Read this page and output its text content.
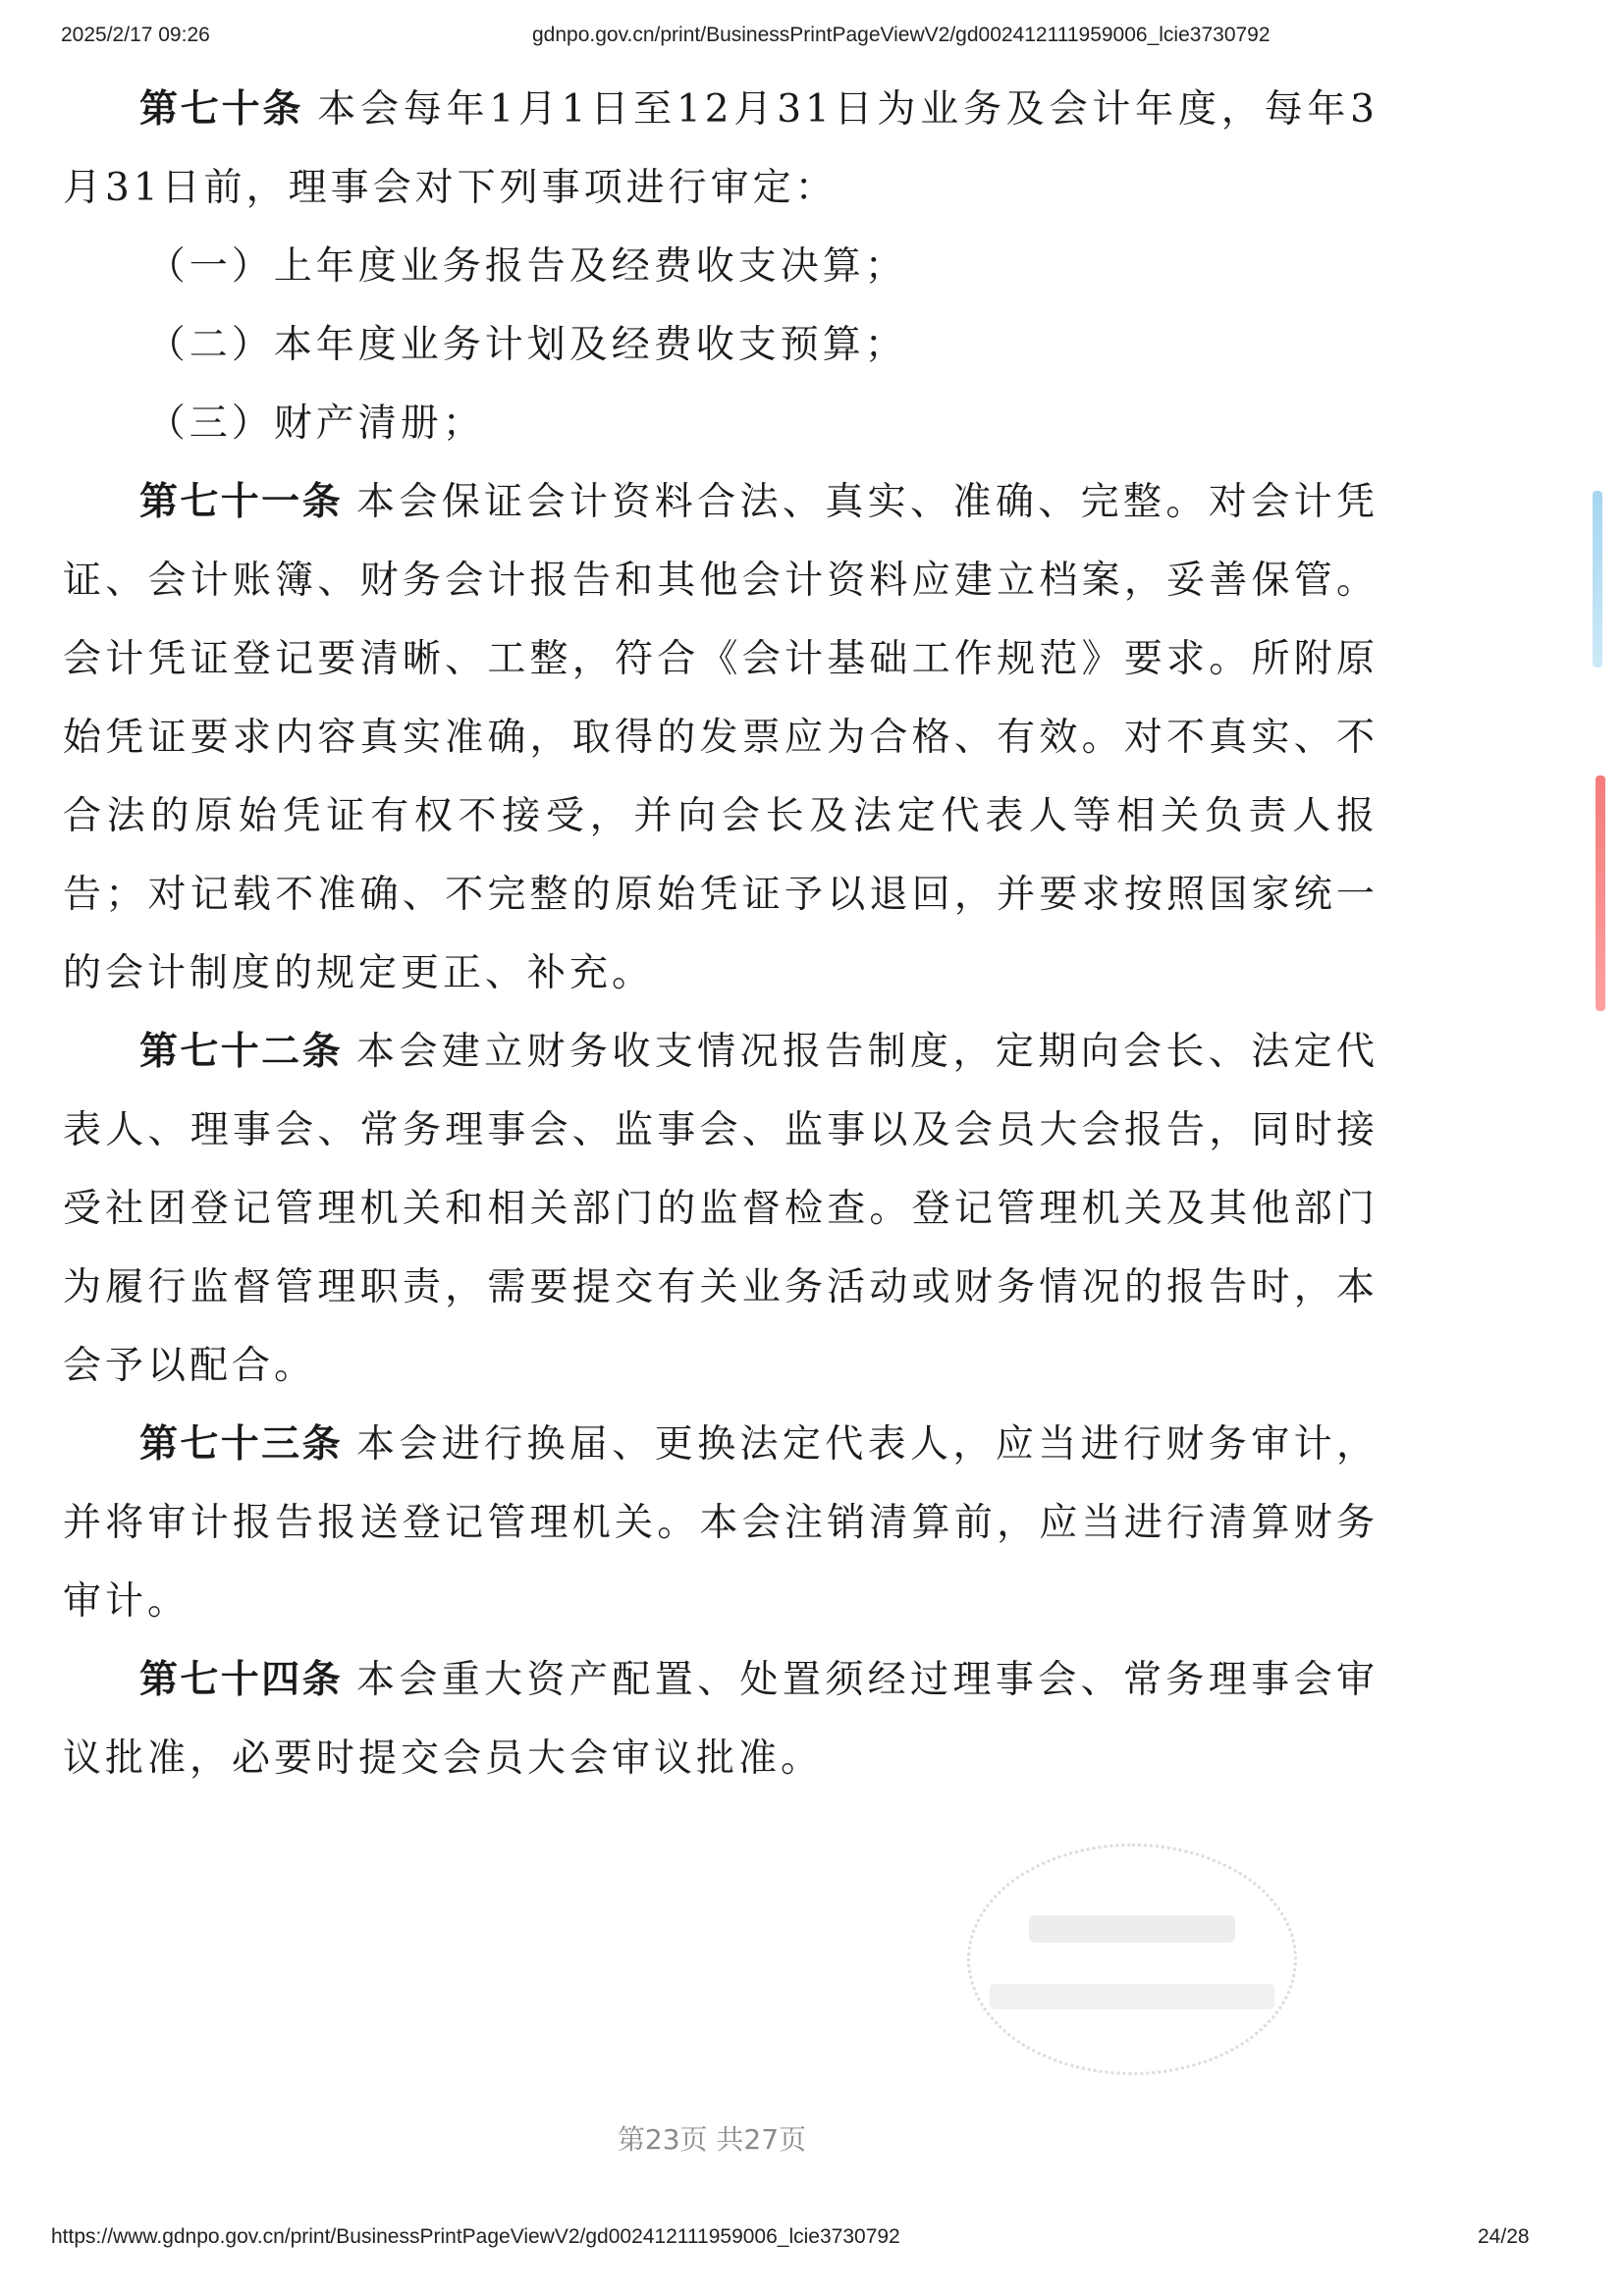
2025/2/17 09:26	gdnpo.gov.cn/print/BusinessPrintPageViewV2/gd002412111959006_lcie3730792

第七十条 本会每年1月1日至12月31日为业务及会计年度，每年3月31日前，理事会对下列事项进行审定：

（一）上年度业务报告及经费收支决算；

（二）本年度业务计划及经费收支预算；

（三）财产清册；

第七十一条 本会保证会计资料合法、真实、准确、完整。对会计凭证、会计账簿、财务会计报告和其他会计资料应建立档案，妥善保管。会计凭证登记要清晰、工整，符合《会计基础工作规范》要求。所附原始凭证要求内容真实准确，取得的发票应为合格、有效。对不真实、不合法的原始凭证有权不接受，并向会长及法定代表人等相关负责人报告；对记载不准确、不完整的原始凭证予以退回，并要求按照国家统一的会计制度的规定更正、补充。

第七十二条 本会建立财务收支情况报告制度，定期向会长、法定代表人、理事会、常务理事会、监事会、监事以及会员大会报告，同时接受社团登记管理机关和相关部门的监督检查。登记管理机关及其他部门为履行监督管理职责，需要提交有关业务活动或财务情况的报告时，本会予以配合。

第七十三条 本会进行换届、更换法定代表人，应当进行财务审计，并将审计报告报送登记管理机关。本会注销清算前，应当进行清算财务审计。

第七十四条 本会重大资产配置、处置须经过理事会、常务理事会审议批准，必要时提交会员大会审议批准。

第23页 共27页
https://www.gdnpo.gov.cn/print/BusinessPrintPageViewV2/gd002412111959006_lcie3730792	24/28
